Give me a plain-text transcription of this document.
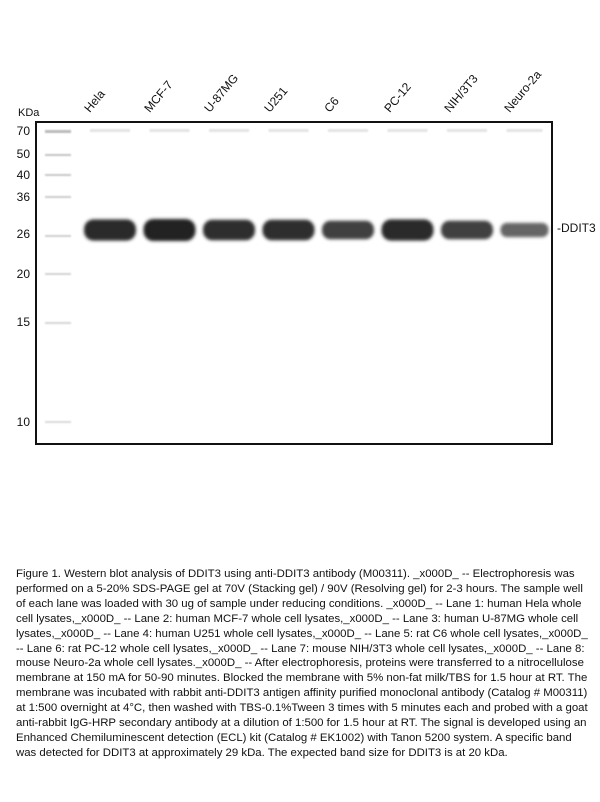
KDa
70
50
40
36
26
20
15
10
Hela	MCF-7 U-87MG U251	C6	PC-12 NIH/3T3 Neuro-2a
-DDIT3
Figure 1. Western blot analysis of DDIT3 using anti-DDIT3 antibody (M00311). _x000D_ -- Electrophoresis was performed on a 5-20% SDS-PAGE gel at 70V (Stacking gel) / 90V (Resolving gel) for 2-3 hours. The sample well of each lane was loaded with 30 ug of sample under reducing conditions. _x000D_ -- Lane 1: human Hela whole cell lysates,_x000D_ -- Lane 2: human MCF-7 whole cell lysates,_x000D_ -- Lane 3: human U-87MG whole cell lysates,_x000D_ -- Lane 4: human U251 whole cell lysates,_x000D_ -- Lane 5: rat C6 whole cell lysates,_x000D_ -- Lane 6: rat PC-12 whole cell lysates,_x000D_ -- Lane 7: mouse NIH/3T3 whole cell lysates,_x000D_ -- Lane 8: mouse Neuro-2a whole cell lysates._x000D_ -- After electrophoresis, proteins were transferred to a nitrocellulose membrane at 150 mA for 50-90 minutes. Blocked the membrane with 5% non-fat milk/TBS for 1.5 hour at RT. The membrane was incubated with rabbit anti-DDIT3 antigen affinity purified monoclonal antibody (Catalog # M00311) at 1:500 overnight at 4°C, then washed with TBS-0.1%Tween 3 times with 5 minutes each and probed with a goat anti-rabbit IgG-HRP secondary antibody at a dilution of 1:500 for 1.5 hour at RT. The signal is developed using an Enhanced Chemiluminescent detection (ECL) kit (Catalog # EK1002) with Tanon 5200 system. A specific band was detected for DDIT3 at approximately 29 kDa. The expected band size for DDIT3 is at 20 kDa.
